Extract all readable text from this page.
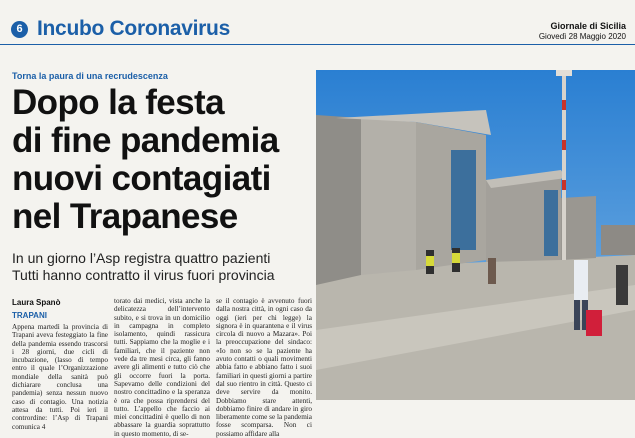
6 Incubo Coronavirus	Giornale di Sicilia
Giovedì 28 Maggio 2020
Torna la paura di una recrudescenza
Dopo la festa
di fine pandemia
nuovi contagiati
nel Trapanese
In un giorno l’Asp registra quattro pazienti
Tutti hanno contratto il virus fuori provincia
Laura Spanò
TRAPANI
Appena martedì la provincia di Trapani aveva festeggiato la fine della pandemia essendo trascorsi i 28 giorni, due cicli di incubazione, (lasso di tempo entro il quale l’Organizzazione mondiale della sanità può dichiarare conclusa una pandemia) senza nessun nuovo caso di contagio. Una notizia attesa da tutti. Poi ieri il contrordine: l’Asp di Trapani comunica 4
torato dai medici, vista anche la delicatezza dell’intervento subito, e si trova in un domicilio in campagna in completo isolamento, quindi rassicura tutti. Sappiamo che la moglie e i familiari, che il paziente non vede da tre mesi circa, gli fanno avere gli alimenti e tutto ciò che gli occorre fuori la porta. Sapevamo delle condizioni del nostro concittadino e la speranza è ora che possa riprendersi del tutto. L’appello che faccio ai miei concittadini è quello di non abbassare la guardia soprattutto in questo momento, di se-
se il contagio è avvenuto fuori dalla nostra città, in ogni caso da oggi (ieri per chi legge) la signora è in quarantena e il virus circola di nuovo a Mazara». Poi la preoccupazione del sindaco: «Io non so se la paziente ha avuto contatti o quali movimenti abbia fatto e abbiano fatto i suoi familiari in questi giorni a partire dal suo rientro in città. Questo ci deve servire da monito. Dobbiamo stare attenti, dobbiamo finire di andare in giro liberamente come se la pandemia fosse scomparsa. Non ci possiamo affidare alla
